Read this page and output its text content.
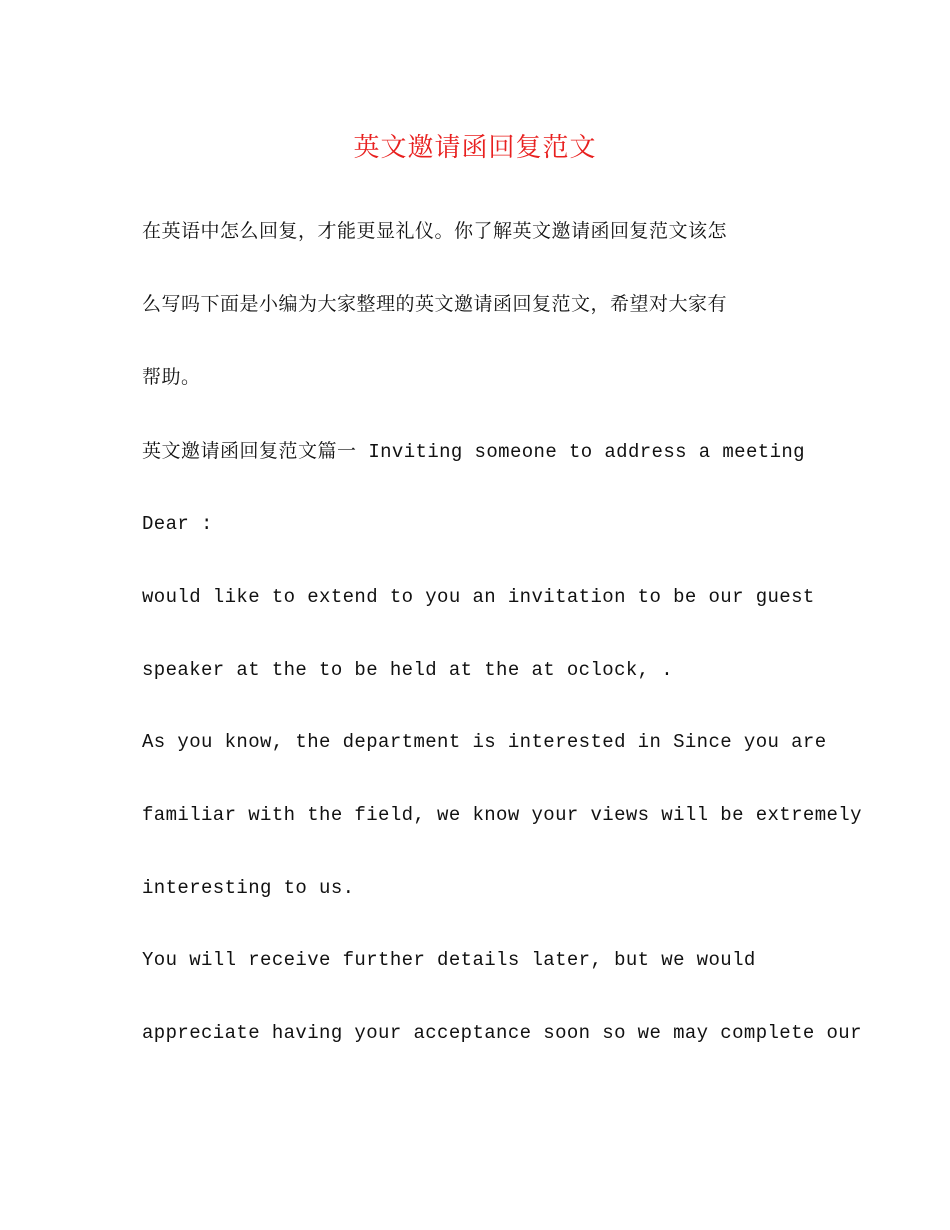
英文邀请函回复范文
在英语中怎么回复，才能更显礼仪。你了解英文邀请函回复范文该怎
么写吗下面是小编为大家整理的英文邀请函回复范文，希望对大家有
帮助。
英文邀请函回复范文篇一 Inviting someone to address a meeting
Dear :
would like to extend to you an invitation to be our guest
speaker at the to be held at the at oclock, .
As you know, the department is interested in Since you are
familiar with the field, we know your views will be extremely
interesting to us.
You will receive further details later, but we would
appreciate having your acceptance soon so we may complete our
